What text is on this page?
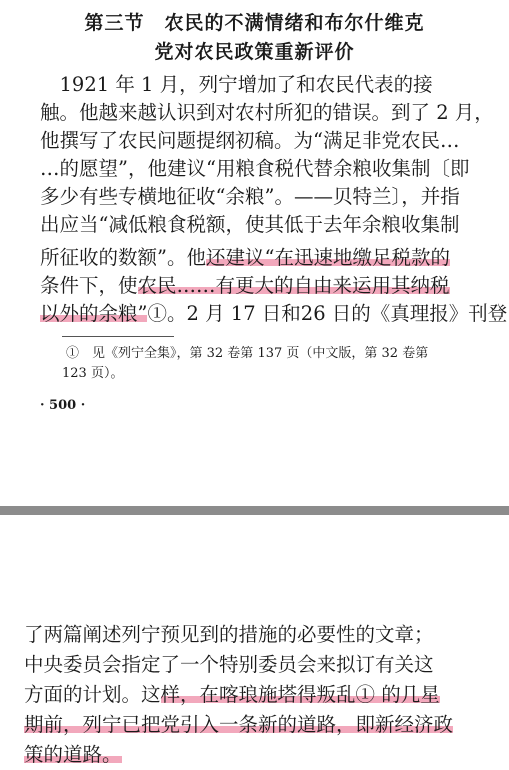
第三节　农民的不满情绪和布尔什维克
党对农民政策重新评价
　1921 年 1 月，列宁增加了和农民代表的接
触。他越来越认识到对农村所犯的错误。到了 2 月，
他撰写了农民问题提纲初稿。为“满足非党农民…
…的愿望”，他建议“用粮食税代替余粮收集制〔即
多少有些专横地征收“余粮”。——贝特兰〕，并指
出应当“减低粮食税额，使其低于去年余粮收集制
所征收的数额”。他还建议“在迅速地缴足税款的
条件下，使农民……有更大的自由来运用其纳税
以外的余粮”①。2 月 17 日和26 日的《真理报》刊登
①　见《列宁全集》，第 32 卷第 137 页（中文版，第 32 卷第
123 页）。
· 500 ·
了两篇阐述列宁预见到的措施的必要性的文章；
中央委员会指定了一个特别委员会来拟订有关这
方面的计划。这样，在喀琅施塔得叛乱① 的几星
期前，列宁已把党引入一条新的道路，即新经济政
策的道路。
